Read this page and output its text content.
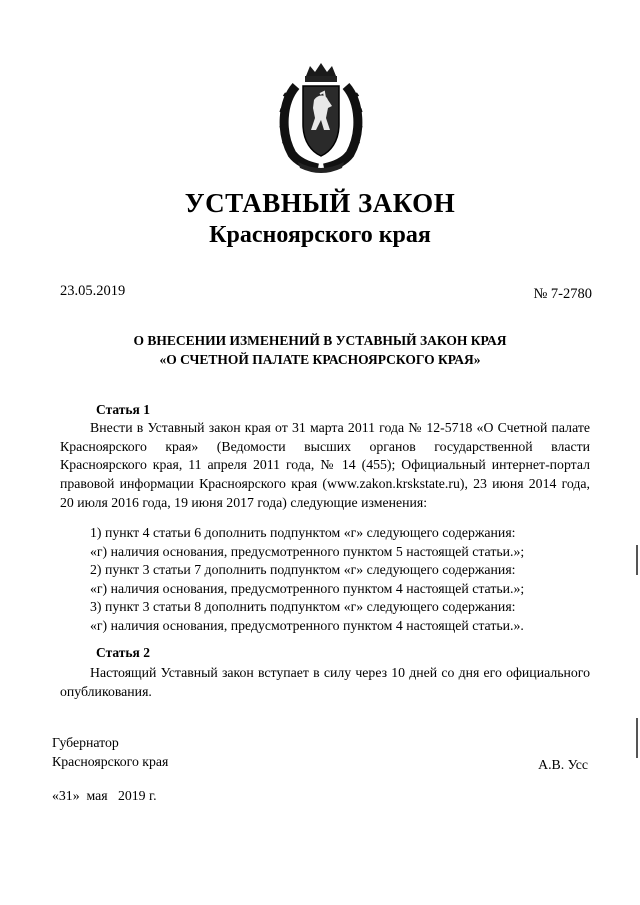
УСТАВНЫЙ ЗАКОН
Красноярского края
23.05.2019	№ 7-2780
О ВНЕСЕНИИ ИЗМЕНЕНИЙ В УСТАВНЫЙ ЗАКОН КРАЯ
«О СЧЕТНОЙ ПАЛАТЕ КРАСНОЯРСКОГО КРАЯ»
Статья 1
Внести в Уставный закон края от 31 марта 2011 года № 12-5718 «О Счетной палате Красноярского края» (Ведомости высших органов государственной власти Красноярского края, 11 апреля 2011 года, № 14 (455); Официальный интернет-портал правовой информации Красноярского края (www.zakon.krskstate.ru), 23 июня 2014 года, 20 июля 2016 года, 19 июня 2017 года) следующие изменения:
1) пункт 4 статьи 6 дополнить подпунктом «г» следующего содержания:
«г) наличия основания, предусмотренного пунктом 5 настоящей статьи.»;
2) пункт 3 статьи 7 дополнить подпунктом «г» следующего содержания:
«г) наличия основания, предусмотренного пунктом 4 настоящей статьи.»;
3) пункт 3 статьи 8 дополнить подпунктом «г» следующего содержания:
«г) наличия основания, предусмотренного пунктом 4 настоящей статьи.».
Статья 2
Настоящий Уставный закон вступает в силу через 10 дней со дня его официального опубликования.
Губернатор
Красноярского края	А.В. Усс
«31»  мая   2019 г.
